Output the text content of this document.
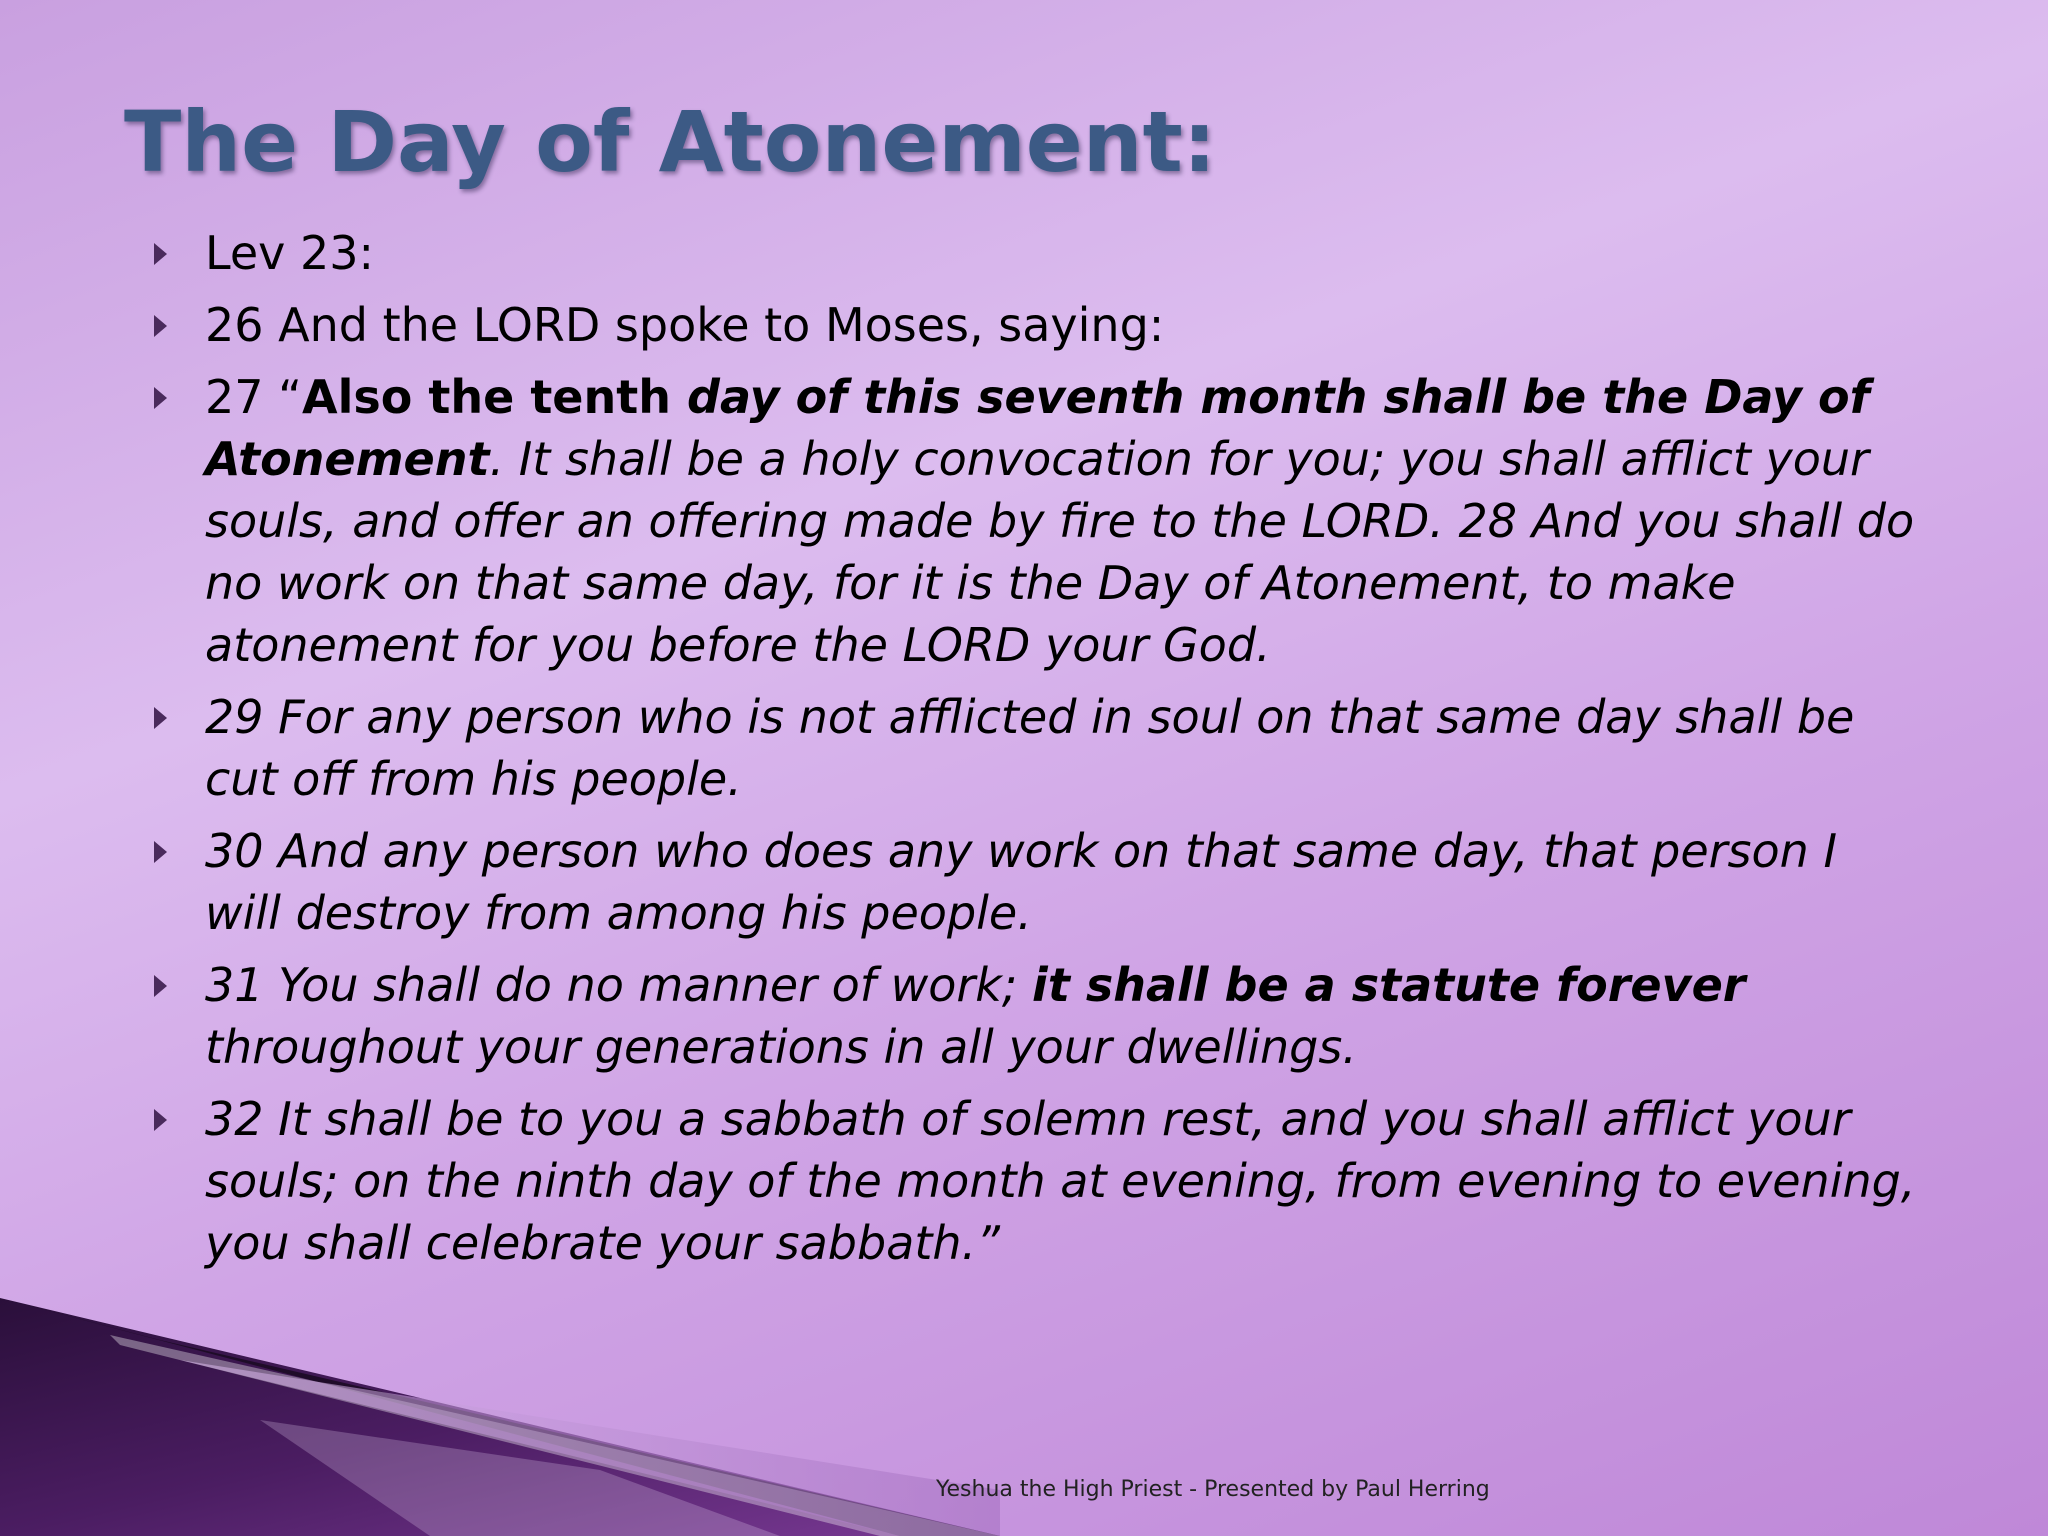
The Day of Atonement:
Lev 23:
26 And the LORD spoke to Moses, saying:
27 “Also the tenth day of this seventh month shall be the Day of Atonement. It shall be a holy convocation for you; you shall afflict your souls, and offer an offering made by fire to the LORD. 28 And you shall do no work on that same day, for it is the Day of Atonement, to make atonement for you before the LORD your God.
29 For any person who is not afflicted in soul on that same day shall be cut off from his people.
30 And any person who does any work on that same day, that person I will destroy from among his people.
31 You shall do no manner of work; it shall be a statute forever throughout your generations in all your dwellings.
32 It shall be to you a sabbath of solemn rest, and you shall afflict your souls; on the ninth day of the month at evening, from evening to evening, you shall celebrate your sabbath.”
Yeshua the High Priest - Presented by Paul Herring
